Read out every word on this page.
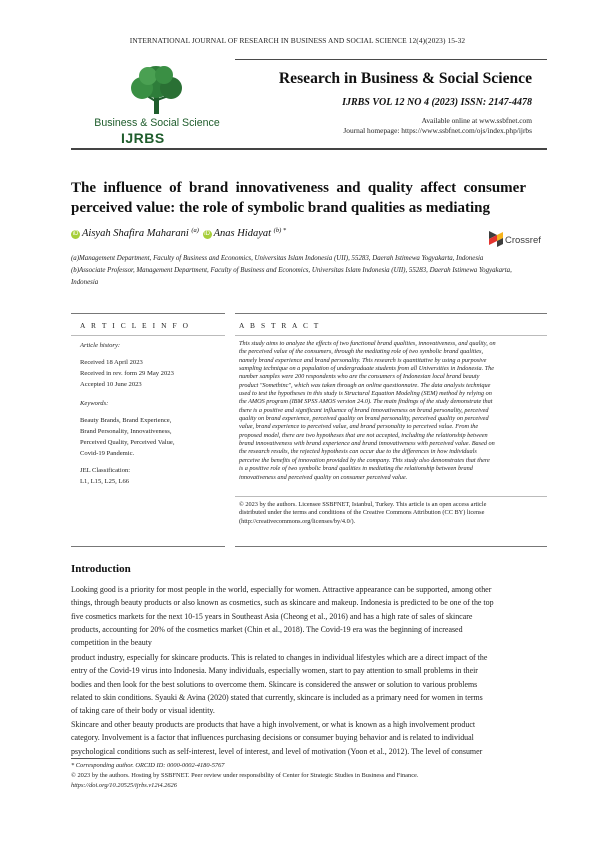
INTERNATIONAL JOURNAL OF RESEARCH IN BUSINESS AND SOCIAL SCIENCE 12(4)(2023) 15-32
Business & Social Science
IJRBS
Research in Business & Social Science
IJRBS VOL 12 NO 4 (2023) ISSN: 2147-4478
Available online at www.ssbfnet.com
Journal homepage: https://www.ssbfnet.com/ojs/index.php/ijrbs
The influence of brand innovativeness and quality affect consumer perceived value: the role of symbolic brand qualities as mediating
iD Aisyah Shafira Maharani $^{(a)}$ iD Anas Hidayat $^{(b) *}$
Crossref
(a)Management Department, Faculty of Business and Economics, Universitas Islam Indonesia (UII), 55283, Daerah Istimewa Yogyakarta, Indonesia
(b)Associate Professor, Management Department, Faculty of Business and Economics, Universitas Islam Indonesia (UII), 55283, Daerah Istimewa Yogyakarta, Indonesia
A R T I C L E I N F O
Article history:
Received 18 April 2023
Received in rev. form 29 May 2023
Accepted 10 June 2023
Keywords:
Beauty Brands, Brand Experience,
Brand Personality, Innovativeness,
Perceived Quality, Perceived Value,
Covid-19 Pandemic.
JEL Classification:
L1, L15, L25, L66
A B S T R A C T
This study aims to analyze the effects of two functional brand qualities, innovativeness, and quality, on
the perceived value of the consumers, through the mediating role of two symbolic brand qualities,
namely brand experience and brand personality. This research is quantitative by using a purposive
sampling technique on a population of undergraduate students from all Universities in Indonesia. The
number samples were 200 respondents who are the consumers of Indonesian local brand beauty
product "Somethinc", which was taken through an online questionnaire. The data analysis technique
used to test the hypotheses in this study is Structural Equation Modeling (SEM) method by relying on
the AMOS program (IBM SPSS AMOS version 24.0). The main findings of the study demonstrate that
there is a positive and significant influence of brand innovativeness on brand personality, perceived
quality on brand experience, perceived quality on brand personality, perceived quality on perceived
value, brand experience to perceived value, and brand personality to perceived value. From the
proposed model, there are two hypotheses that are not accepted, including the relationship between
brand innovativeness with brand experience and brand innovativeness with perceived value. Based on
the research results, the rejected hypothesis can occur due to the differences in how individuals
perceive the benefits of innovation provided by the company. This study also demonstrates that there
is a positive role of two symbolic brand qualities in mediating the relationship between brand
innovativeness and perceived quality on consumer perceived value.
© 2023 by the authors. Licensee SSBFNET, Istanbul, Turkey. This article is an open access article
distributed under the terms and conditions of the Creative Commons Attribution (CC BY) license
(http://creativecommons.org/licenses/by/4.0/).
Introduction
Looking good is a priority for most people in the world, especially for women. Attractive appearance can be supported, among other
things, through beauty products or also known as cosmetics, such as skincare and makeup. Indonesia is predicted to be one of the top
five cosmetics markets for the next 10-15 years in Southeast Asia (Cheong et al., 2016) and has a high rate of sales of skincare
products, accounting for 20% of the cosmetics market (Chin et al., 2018). The Covid-19 era was the beginning of increased
competition in the beauty
product industry, especially for skincare products. This is related to changes in individual lifestyles which are a direct impact of the
entry of the Covid-19 virus into Indonesia. Many individuals, especially women, start to pay attention to small problems in their
bodies and then look for the best solutions to overcome them. Skincare is considered the answer or solution to various problems
related to skin conditions. Syauki & Avina (2020) stated that currently, skincare is included as a primary need for women in terms
of taking care of their body or visual identity.
Skincare and other beauty products are products that have a high involvement, or what is known as a high involvement product
category. Involvement is a factor that influences purchasing decisions or consumer buying behavior and is related to individual
psychological conditions such as self-interest, level of interest, and level of motivation (Yoon et al., 2012). The level of consumer
* Corresponding author. ORCID ID: 0000-0002-4180-5767
© 2023 by the authors. Hosting by SSBFNET. Peer review under responsibility of Center for Strategic Studies in Business and Finance.
https://doi.org/10.20525/ijrbs.v12i4.2626
